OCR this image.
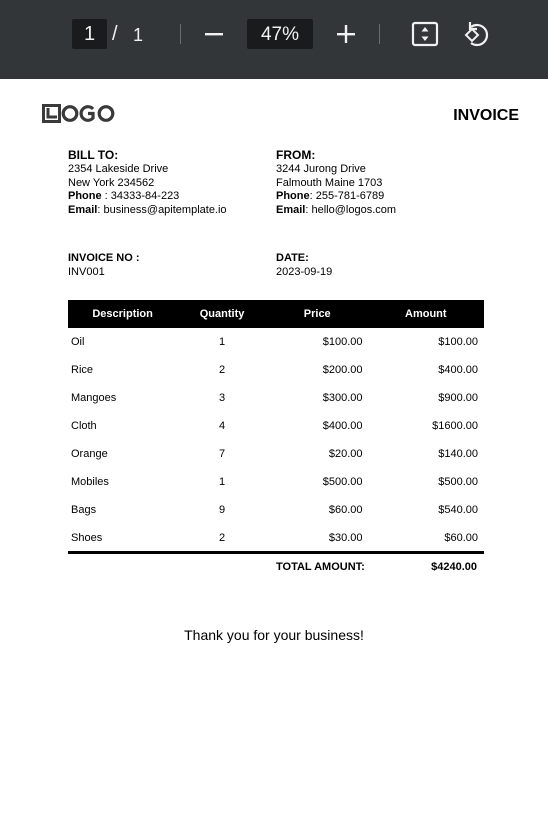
1 / 1	47%
INVOICE
BILL TO:
2354 Lakeside Drive
New York 234562
Phone : 34333-84-223
Email: business@apitemplate.io
FROM:
3244 Jurong Drive
Falmouth Maine 1703
Phone: 255-781-6789
Email: hello@logos.com
INVOICE NO :
INV001
DATE:
2023-09-19
Description	Quantity	Price	Amount
Oil	1	$100.00	$100.00
Rice	2	$200.00	$400.00
Mangoes	3	$300.00	$900.00
Cloth	4	$400.00	$1600.00
Orange	7	$20.00	$140.00
Mobiles	1	$500.00	$500.00
Bags	9	$60.00	$540.00
Shoes	2	$30.00	$60.00
TOTAL AMOUNT:	$4240.00
Thank you for your business!
